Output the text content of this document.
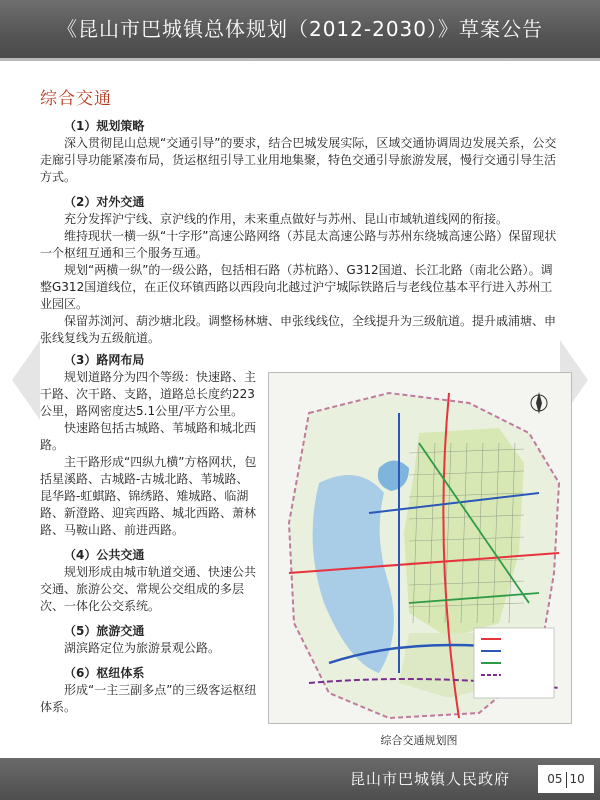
《昆山市巴城镇总体规划（2012-2030）》草案公告
综合交通
（1）规划策略

深入贯彻昆山总规“交通引导”的要求，结合巴城发展实际，区域交通协调周边发展关系，公交走廊引导功能紧凑布局，货运枢纽引导工业用地集聚，特色交通引导旅游发展，慢行交通引导生活方式。

（2）对外交通

充分发挥沪宁线、京沪线的作用，未来重点做好与苏州、昆山市域轨道线网的衔接。

维持现状一横一纵“十字形”高速公路网络（苏昆太高速公路与苏州东绕城高速公路）保留现状一个枢纽互通和三个服务互通。

规划“两横一纵”的一级公路，包括相石路（苏杭路）、G312国道、长江北路（南北公路）。调整G312国道线位，在正仪环镇西路以西段向北越过沪宁城际铁路后与老线位基本平行进入苏州工业园区。

保留苏浏河、葫沙塘北段。调整杨林塘、申张线线位，全线提升为三级航道。提升戚浦塘、申张线复线为五级航道。

（3）路网布局

规划道路分为四个等级：快速路、主干路、次干路、支路，道路总长度约223公里，路网密度达5.1公里/平方公里。

快速路包括古城路、苇城路和城北西路。

主干路形成“四纵九横”方格网状，包括星溪路、古城路-古城北路、苇城路、昆华路-虹蜞路、锦绣路、雉城路、临湖路、新澄路、迎宾西路、城北西路、萧林路、马鞍山路、前进西路。

（4）公共交通

规划形成由城市轨道交通、快速公共交通、旅游公交、常规公交组成的多层次、一体化公交系统。

（5）旅游交通

湖滨路定位为旅游景观公路。

（6）枢纽体系

形成“一主三副多点”的三级客运枢纽体系。

综合交通规划图
昆山市巴城镇人民政府	05 10
